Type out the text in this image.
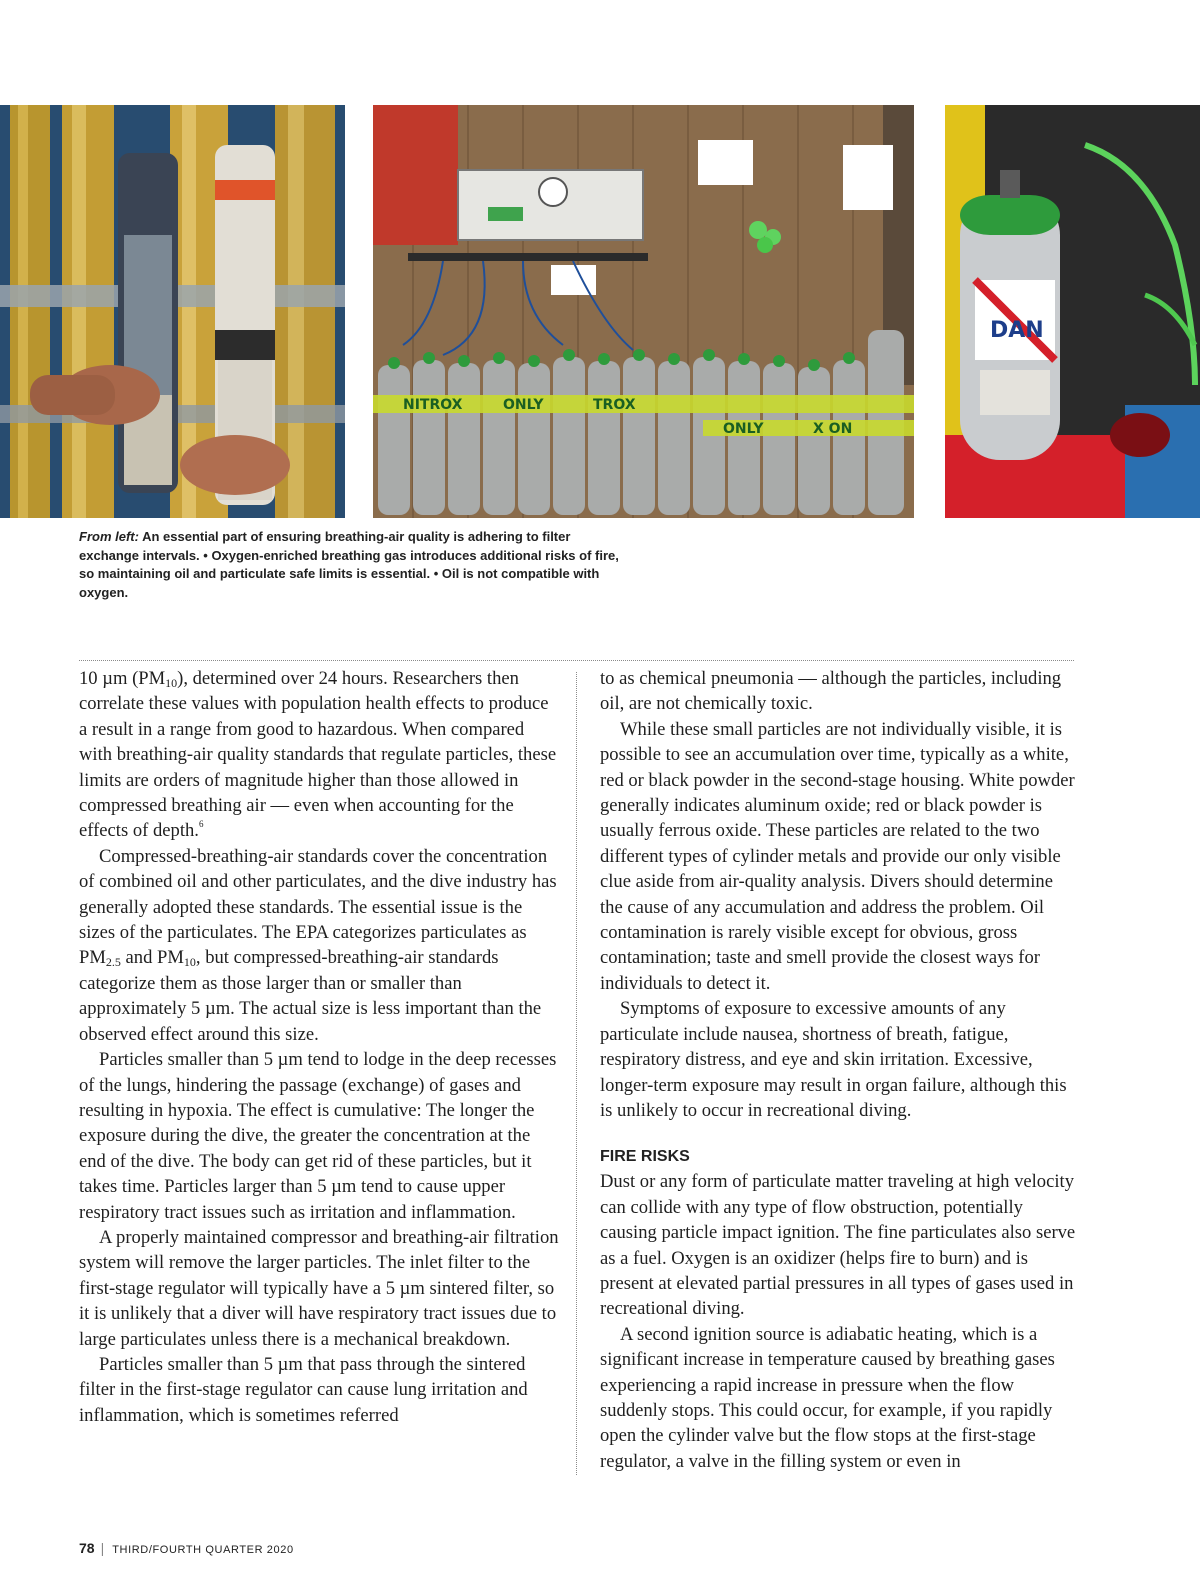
NITROX	ONLY	TROX
ONLY	X ON
DAN
From left: An essential part of ensuring breathing-air quality is adhering to filter exchange intervals. • Oxygen-enriched breathing gas introduces additional risks of fire, so maintaining oil and particulate safe limits is essential. • Oil is not compatible with oxygen.

10 µm $(PM_{10})$, determined over 24 hours. Researchers then correlate these values with population health effects to produce a result in a range from good to hazardous. When compared with breathing-air quality standards that regulate particles, these limits are orders of magnitude higher than those allowed in compressed breathing air — even when accounting for the effects of depth.$^6$

Compressed-breathing-air standards cover the concentration of combined oil and other particulates, and the dive industry has generally adopted these standards. The essential issue is the sizes of the particulates. The EPA categorizes particulates as $PM_{2.5}$ and $PM_{10}$, but compressed-breathing-air standards categorize them as those larger than or smaller than approximately 5 µm. The actual size is less important than the observed effect around this size.

Particles smaller than 5 µm tend to lodge in the deep recesses of the lungs, hindering the passage (exchange) of gases and resulting in hypoxia. The effect is cumulative: The longer the exposure during the dive, the greater the concentration at the end of the dive. The body can get rid of these particles, but it takes time. Particles larger than 5 µm tend to cause upper respiratory tract issues such as irritation and inflammation.

A properly maintained compressor and breathing-air filtration system will remove the larger particles. The inlet filter to the first-stage regulator will typically have a 5 µm sintered filter, so it is unlikely that a diver will have respiratory tract issues due to large particulates unless there is a mechanical breakdown.

Particles smaller than 5 µm that pass through the sintered filter in the first-stage regulator can cause lung irritation and inflammation, which is sometimes referred

to as chemical pneumonia — although the particles, including oil, are not chemically toxic.

While these small particles are not individually visible, it is possible to see an accumulation over time, typically as a white, red or black powder in the second-stage housing. White powder generally indicates aluminum oxide; red or black powder is usually ferrous oxide. These particles are related to the two different types of cylinder metals and provide our only visible clue aside from air-quality analysis. Divers should determine the cause of any accumulation and address the problem. Oil contamination is rarely visible except for obvious, gross contamination; taste and smell provide the closest ways for individuals to detect it.

Symptoms of exposure to excessive amounts of any particulate include nausea, shortness of breath, fatigue, respiratory distress, and eye and skin irritation. Excessive, longer-term exposure may result in organ failure, although this is unlikely to occur in recreational diving.

FIRE RISKS

Dust or any form of particulate matter traveling at high velocity can collide with any type of flow obstruction, potentially causing particle impact ignition. The fine particulates also serve as a fuel. Oxygen is an oxidizer (helps fire to burn) and is present at elevated partial pressures in all types of gases used in recreational diving.

A second ignition source is adiabatic heating, which is a significant increase in temperature caused by breathing gases experiencing a rapid increase in pressure when the flow suddenly stops. This could occur, for example, if you rapidly open the cylinder valve but the flow stops at the first-stage regulator, a valve in the filling system or even in

78 | THIRD/FOURTH QUARTER 2020
